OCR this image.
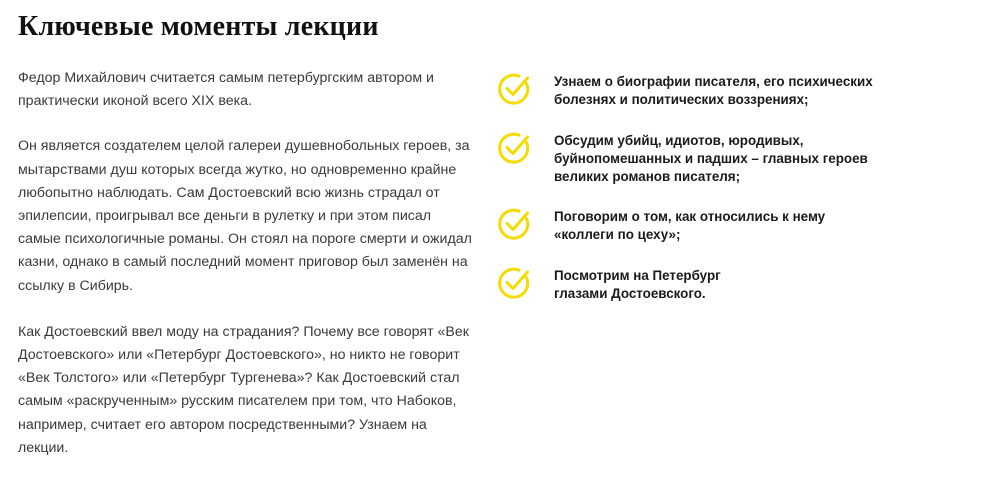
Ключевые моменты лекции

Федор Михайлович считается самым петербургским автором и практически иконой всего XIX века.

Он является создателем целой галереи душевнобольных героев, за мытарствами душ которых всегда жутко, но одновременно крайне любопытно наблюдать. Сам Достоевский всю жизнь страдал от эпилепсии, проигрывал все деньги в рулетку и при этом писал самые психологичные романы. Он стоял на пороге смерти и ожидал казни, однако в самый последний момент приговор был заменён на ссылку в Сибирь.

Как Достоевский ввел моду на страдания? Почему все говорят «Век Достоевского» или «Петербург Достоевского», но никто не говорит «Век Толстого» или «Петербург Тургенева»? Как Достоевский стал самым «раскрученным» русским писателем при том, что Набоков, например, считает его автором посредственными? Узнаем на лекции.

Узнаем о биографии писателя, его психических
болезнях и политических воззрениях;
Обсудим убийц, идиотов, юродивых,
буйнопомешанных и падших – главных героев
великих романов писателя;
Поговорим о том, как относились к нему
«коллеги по цеху»;
Посмотрим на Петербург
глазами Достоевского.
